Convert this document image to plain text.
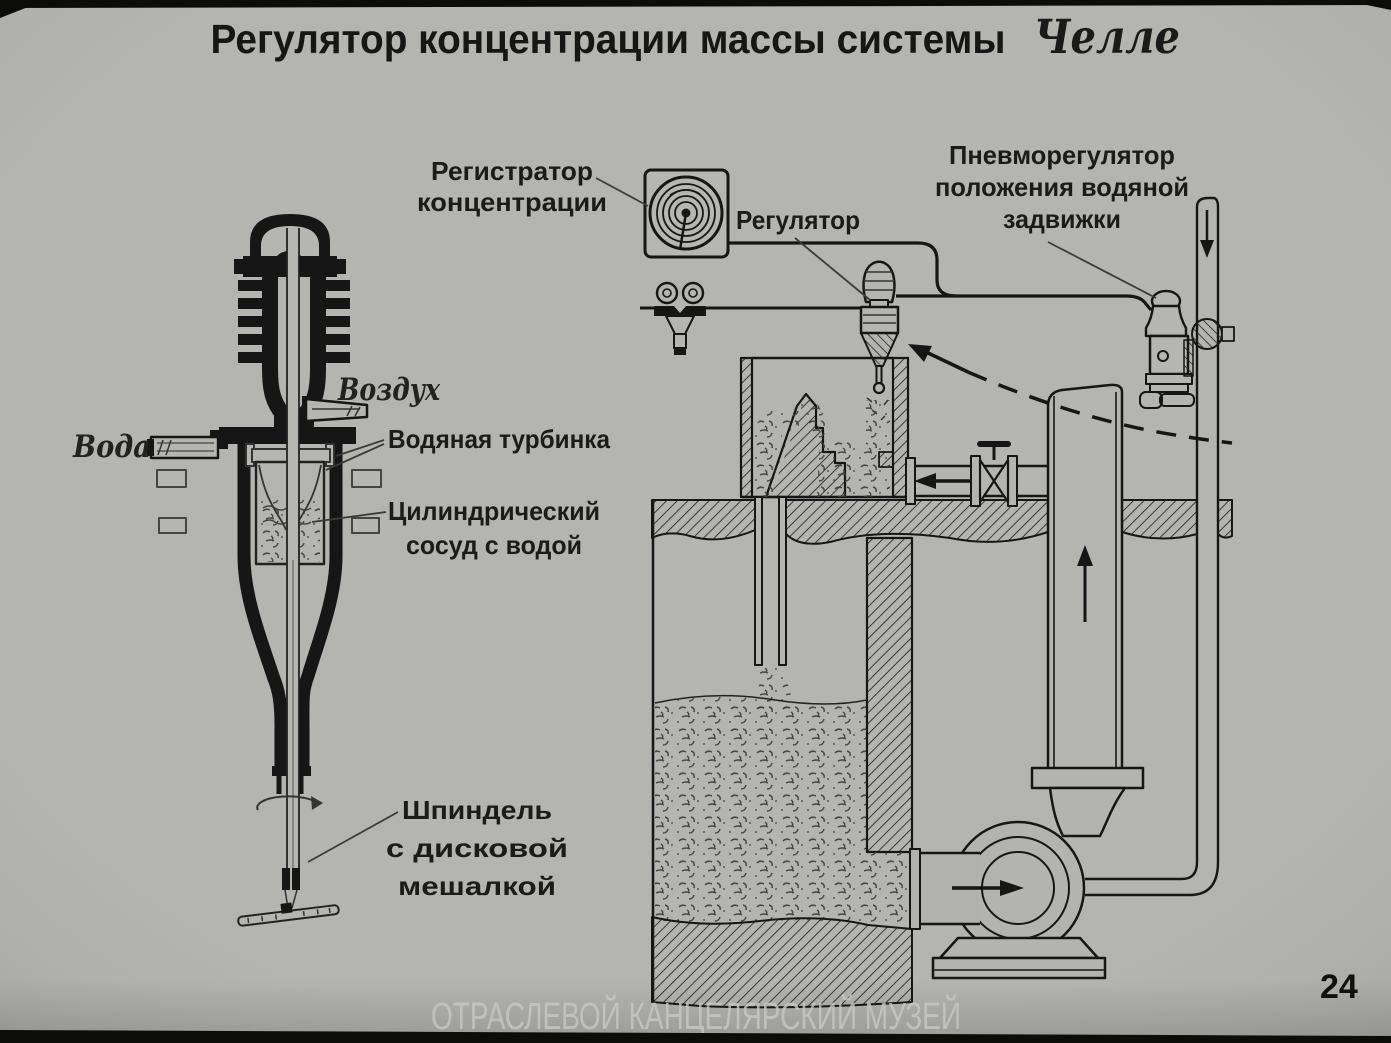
Регулятор концентрации массы системы Челле
Регистратор
концентрации
Регулятор
Пневморегулятор
положения водяной
задвижки
Воздух
Вода	Водяная турбинка
Цилиндрический
сосуд с водой
Шпиндель
с дисковой
мешалкой
ОТРАСЛЕВОЙ КАНЦЕЛЯРСКИЙ МУЗЕЙ
24
